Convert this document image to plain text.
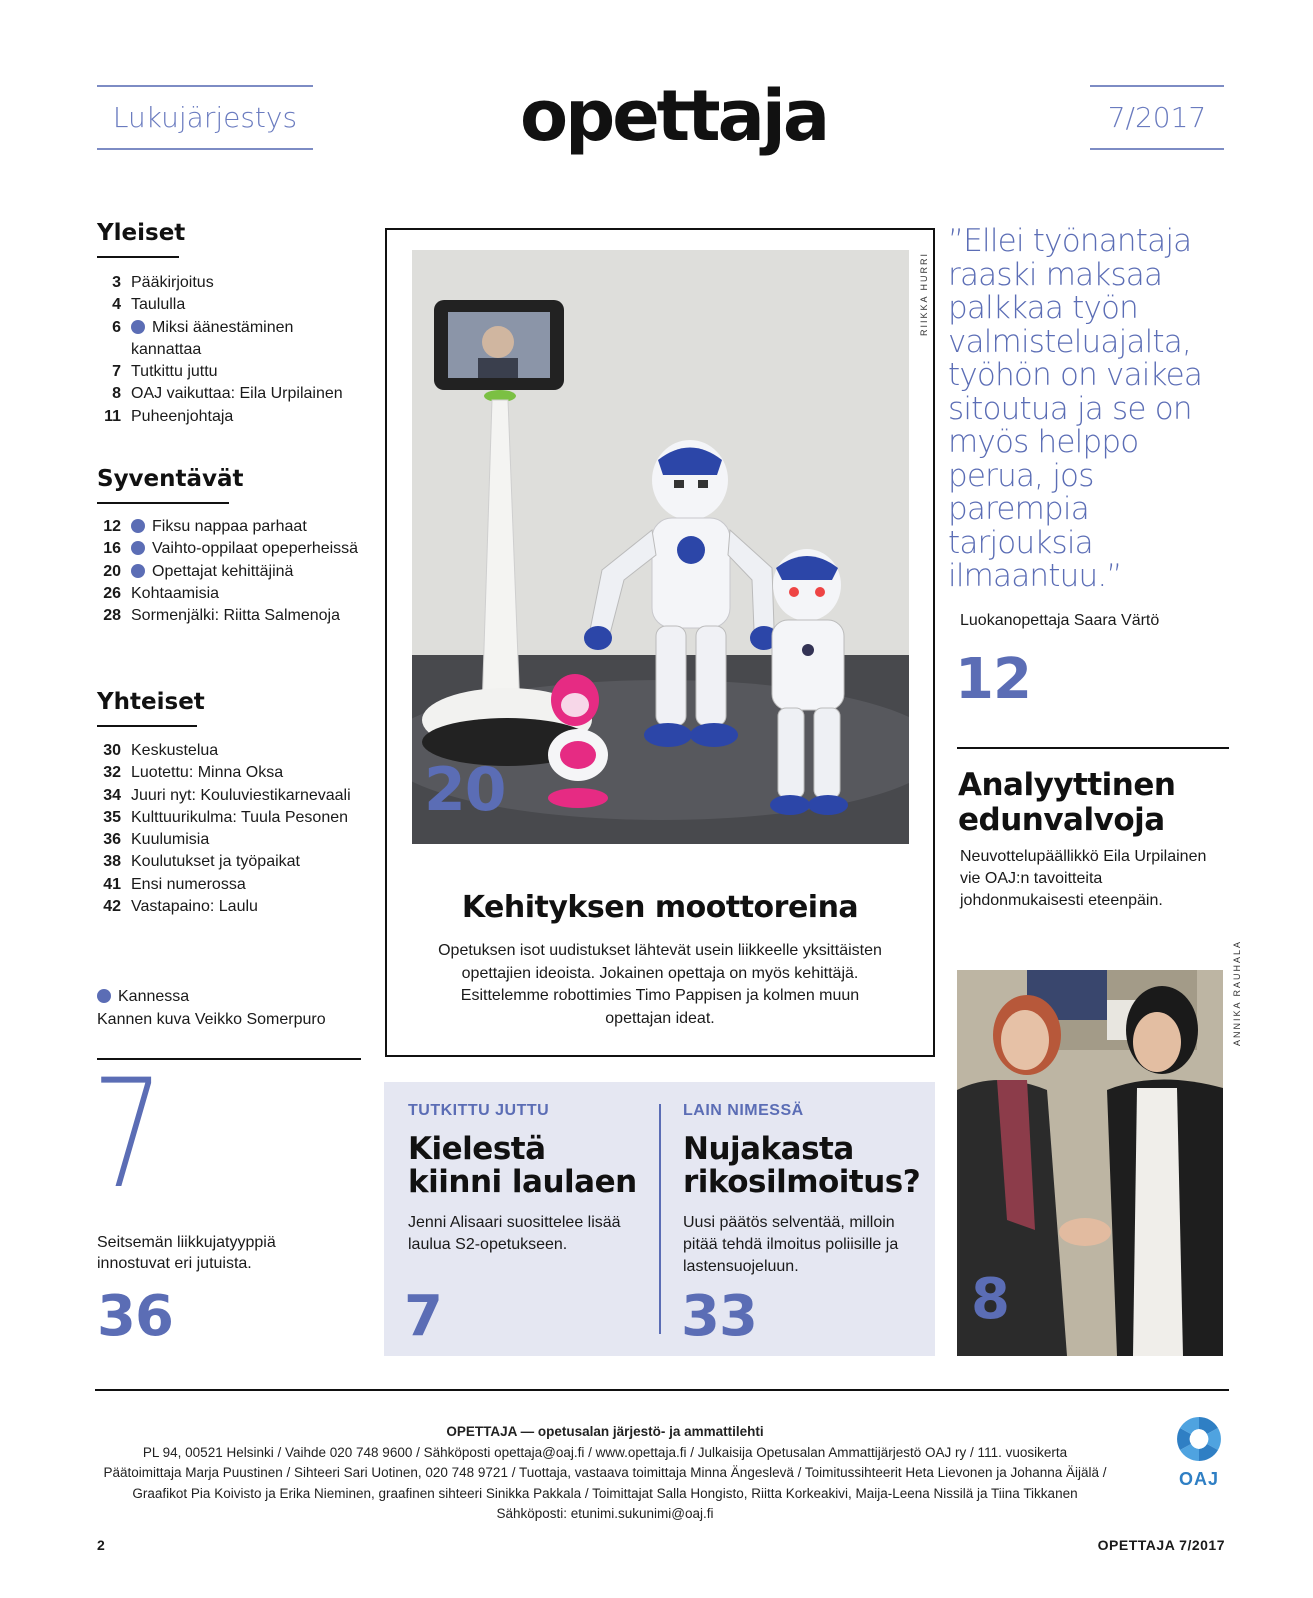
Lukujärjestys	opettaja	7/2017
Yleiset
3 Pääkirjoitus
4 Taululla
6	Miksi äänestäminen kannattaa
7 Tutkittu juttu
8 OAJ vaikuttaa: Eila Urpilainen
11 Puheenjohtaja
Syventävät
12	Fiksu nappaa parhaat
16	Vaihto-oppilaat opeperheissä
20	Opettajat kehittäjinä
26 Kohtaamisia
28 Sormenjälki: Riitta Salmenoja
Yhteiset
30 Keskustelua
32 Luotettu: Minna Oksa
34 Juuri nyt: Kouluviestikarnevaali
35 Kulttuurikulma: Tuula Pesonen
36 Kuulumisia
38 Koulutukset ja työpaikat
41 Ensi numerossa
42 Vastapaino: Laulu
Kannessa
Kannen kuva Veikko Somerpuro
7
Seitsemän liikkujatyyppiä innostuvat eri jutuista.
36
20
RIIKKA HURRI
Kehityksen moottoreina
Opetuksen isot uudistukset lähtevät usein liikkeelle yksittäisten opettajien ideoista. Jokainen opettaja on myös kehittäjä. Esittelemme robottimies Timo Pappisen ja kolmen muun opettajan ideat.
”Ellei työnantaja raaski maksaa palkkaa työn valmisteluajalta, työhön on vaikea sitoutua ja se on myös helppo perua, jos parempia tarjouksia ilmaantuu.”
Luokanopettaja Saara Värtö
12
Analyyttinen edunvalvoja
Neuvottelupäällikkö Eila Urpilainen vie OAJ:n tavoitteita johdonmukaisesti eteenpäin.
ANNIKA RAUHALA
8
TUTKITTU JUTTU
Kielestä kiinni laulaen
Jenni Alisaari suosittelee lisää laulua S2-opetukseen.
7
LAIN NIMESSÄ
Nujakasta rikosilmoitus?
Uusi päätös selventää, milloin pitää tehdä ilmoitus poliisille ja lastensuojeluun.
33
OPETTAJA — opetusalan järjestö- ja ammattilehti
PL 94, 00521 Helsinki / Vaihde 020 748 9600 / Sähköposti opettaja@oaj.fi / www.opettaja.fi / Julkaisija Opetusalan Ammattijärjestö OAJ ry / 111. vuosikerta
Päätoimittaja Marja Puustinen / Sihteeri Sari Uotinen, 020 748 9721 / Tuottaja, vastaava toimittaja Minna Ängeslevä / Toimitussihteerit Heta Lievonen ja Johanna Äijälä /
Graafikot Pia Koivisto ja Erika Nieminen, graafinen sihteeri Sinikka Pakkala / Toimittajat Salla Hongisto, Riitta Korkeakivi, Maija-Leena Nissilä ja Tiina Tikkanen
Sähköposti: etunimi.sukunimi@oaj.fi
OAJ
2	OPETTAJA 7/2017
